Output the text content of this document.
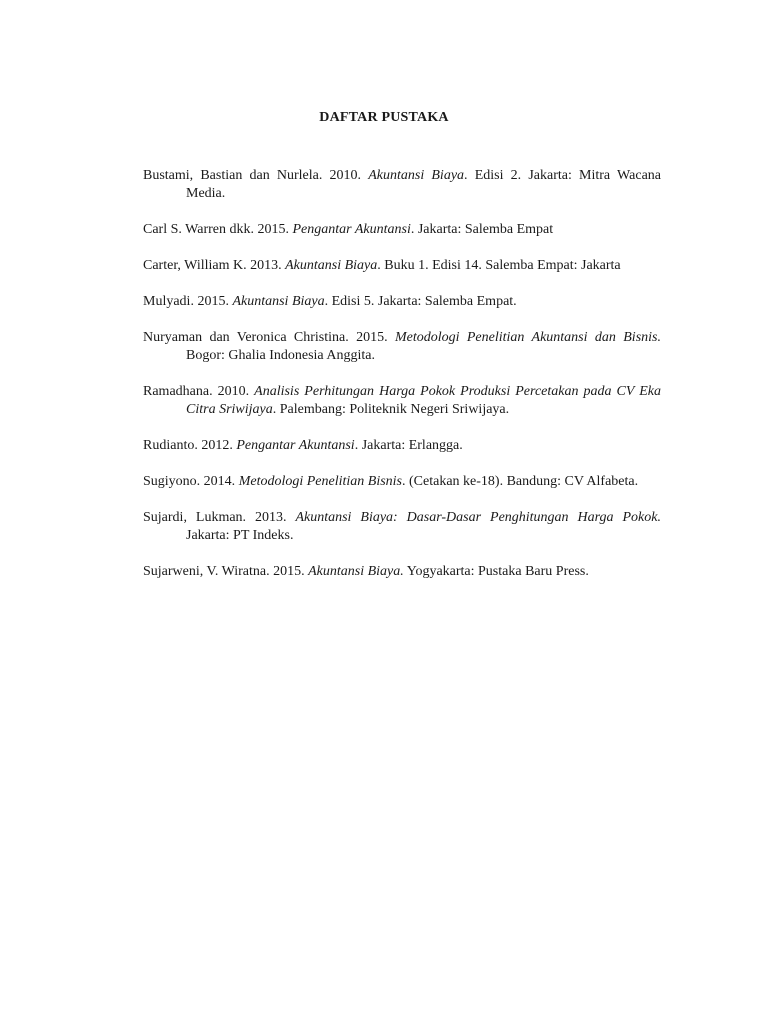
DAFTAR PUSTAKA
Bustami, Bastian dan Nurlela. 2010. Akuntansi Biaya. Edisi 2. Jakarta: Mitra Wacana Media.
Carl S. Warren dkk. 2015. Pengantar Akuntansi. Jakarta: Salemba Empat
Carter, William K. 2013. Akuntansi Biaya. Buku 1. Edisi 14. Salemba Empat: Jakarta
Mulyadi. 2015. Akuntansi Biaya. Edisi 5. Jakarta: Salemba Empat.
Nuryaman dan Veronica Christina. 2015. Metodologi Penelitian Akuntansi dan Bisnis. Bogor: Ghalia Indonesia Anggita.
Ramadhana. 2010. Analisis Perhitungan Harga Pokok Produksi Percetakan pada CV Eka Citra Sriwijaya. Palembang: Politeknik Negeri Sriwijaya.
Rudianto. 2012. Pengantar Akuntansi. Jakarta: Erlangga.
Sugiyono. 2014. Metodologi Penelitian Bisnis. (Cetakan ke-18). Bandung: CV Alfabeta.
Sujardi, Lukman. 2013. Akuntansi Biaya: Dasar-Dasar Penghitungan Harga Pokok. Jakarta: PT Indeks.
Sujarweni, V. Wiratna. 2015. Akuntansi Biaya. Yogyakarta: Pustaka Baru Press.
